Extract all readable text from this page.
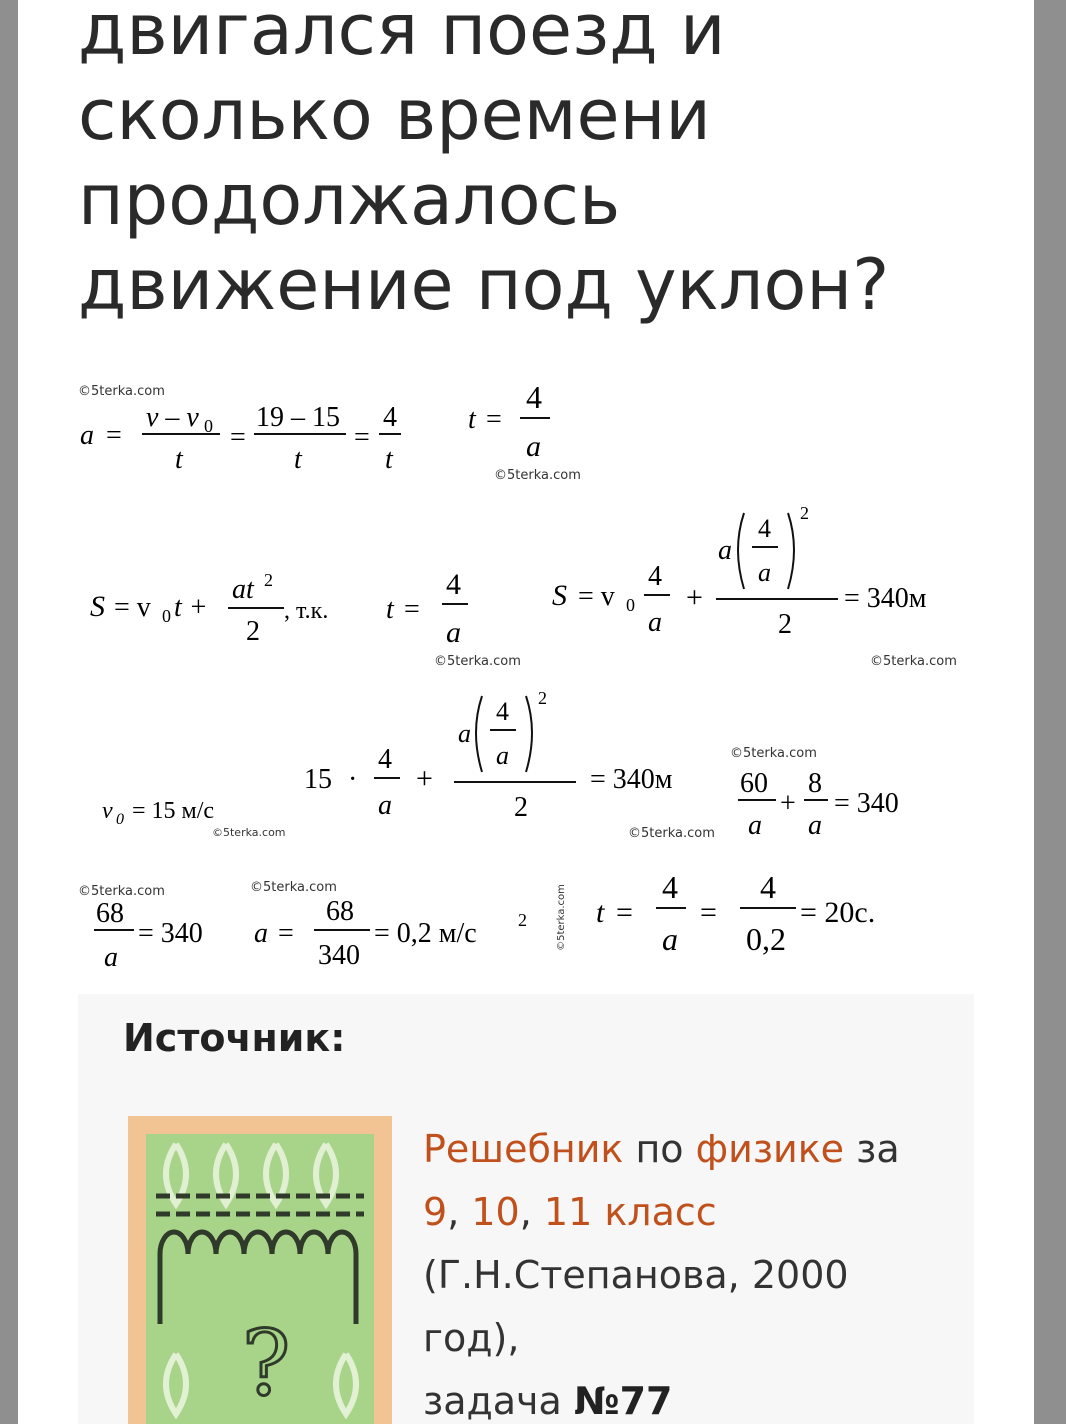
двигался поезд и
сколько времени
продолжалось
движение под уклон?
©5terka.com
a =
v – v 0
t
=
19 – 15
t
=
4
t
t =
4
a
©5terka.com
S = v 0 t +
at 2
2
, т.к. t =
4
a
©5terka.com
S = v 0
4
a
+
a
4
a
2
2
= 340м
©5terka.com
v 0 = 15 м/с
©5terka.com
15 ·
4
a
+
a
4
a
2
2
= 340м
©5terka.com
©5terka.com
60
a
+
8
a
= 340
©5terka.com
68
a
= 340
©5terka.com
a =
68
340
= 0,2 м/с 2	©5terka.com t =
4
a
=
4
0,2
= 20с.
Источник:
?
Решебник по физике за
9, 10, 11 класс
(Г.Н.Степанова, 2000
год),
задача №77
